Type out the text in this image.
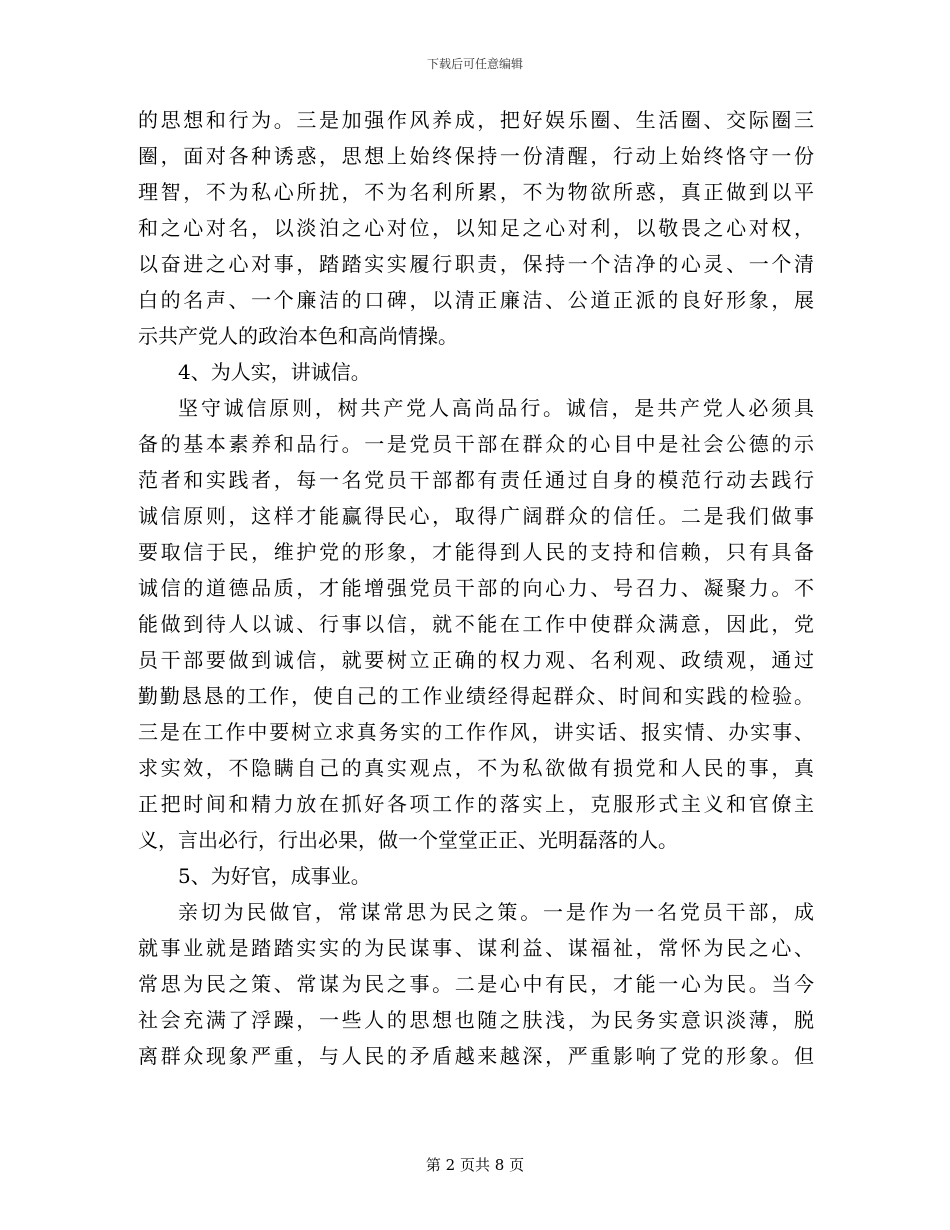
下载后可任意编辑
的思想和行为。三是加强作风养成，把好娱乐圈、生活圈、交际圈三
圈，面对各种诱惑，思想上始终保持一份清醒，行动上始终恪守一份
理智，不为私心所扰，不为名利所累，不为物欲所惑，真正做到以平
和之心对名，以淡泊之心对位，以知足之心对利，以敬畏之心对权，
以奋进之心对事，踏踏实实履行职责，保持一个洁净的心灵、一个清
白的名声、一个廉洁的口碑，以清正廉洁、公道正派的良好形象，展
示共产党人的政治本色和高尚情操。
4、为人实，讲诚信。
坚守诚信原则，树共产党人高尚品行。诚信，是共产党人必须具
备的基本素养和品行。一是党员干部在群众的心目中是社会公德的示
范者和实践者，每一名党员干部都有责任通过自身的模范行动去践行
诚信原则，这样才能赢得民心，取得广阔群众的信任。二是我们做事
要取信于民，维护党的形象，才能得到人民的支持和信赖，只有具备
诚信的道德品质，才能增强党员干部的向心力、号召力、凝聚力。不
能做到待人以诚、行事以信，就不能在工作中使群众满意，因此，党
员干部要做到诚信，就要树立正确的权力观、名利观、政绩观，通过
勤勤恳恳的工作，使自己的工作业绩经得起群众、时间和实践的检验。
三是在工作中要树立求真务实的工作作风，讲实话、报实情、办实事、
求实效，不隐瞒自己的真实观点，不为私欲做有损党和人民的事，真
正把时间和精力放在抓好各项工作的落实上，克服形式主义和官僚主
义，言出必行，行出必果，做一个堂堂正正、光明磊落的人。
5、为好官，成事业。
亲切为民做官，常谋常思为民之策。一是作为一名党员干部，成
就事业就是踏踏实实的为民谋事、谋利益、谋福祉，常怀为民之心、
常思为民之策、常谋为民之事。二是心中有民，才能一心为民。当今
社会充满了浮躁，一些人的思想也随之肤浅，为民务实意识淡薄，脱
离群众现象严重，与人民的矛盾越来越深，严重影响了党的形象。但
第 2 页共 8 页
